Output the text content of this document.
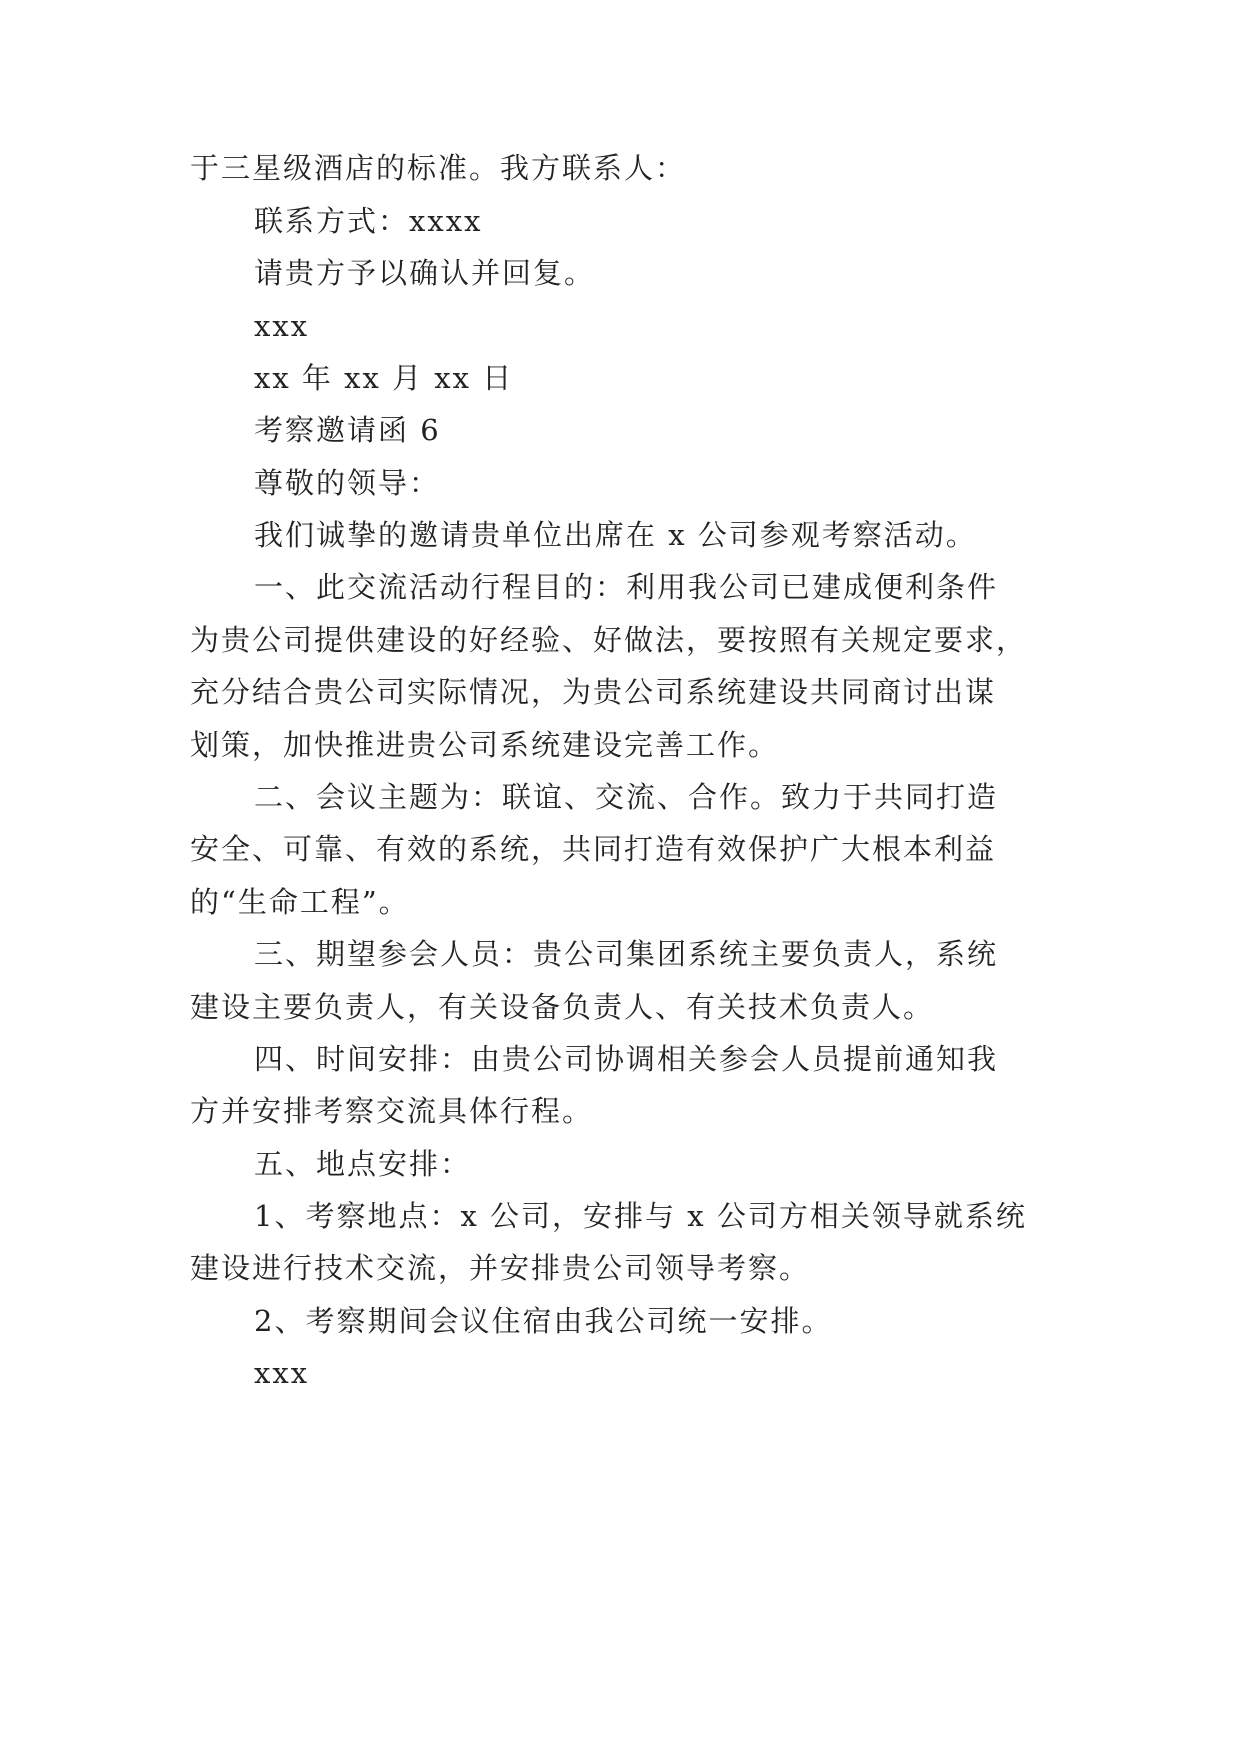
于三星级酒店的标准。我方联系人：
联系方式：xxxx
请贵方予以确认并回复。
xxx
xx 年 xx 月 xx 日
考察邀请函 6
尊敬的领导：
我们诚挚的邀请贵单位出席在 x 公司参观考察活动。
一、此交流活动行程目的：利用我公司已建成便利条件
为贵公司提供建设的好经验、好做法，要按照有关规定要求，
充分结合贵公司实际情况，为贵公司系统建设共同商讨出谋
划策，加快推进贵公司系统建设完善工作。
二、会议主题为：联谊、交流、合作。致力于共同打造
安全、可靠、有效的系统，共同打造有效保护广大根本利益
的“生命工程”。
三、期望参会人员：贵公司集团系统主要负责人，系统
建设主要负责人，有关设备负责人、有关技术负责人。
四、时间安排：由贵公司协调相关参会人员提前通知我
方并安排考察交流具体行程。
五、地点安排：
1、考察地点：x 公司，安排与 x 公司方相关领导就系统
建设进行技术交流，并安排贵公司领导考察。
2、考察期间会议住宿由我公司统一安排。
xxx
